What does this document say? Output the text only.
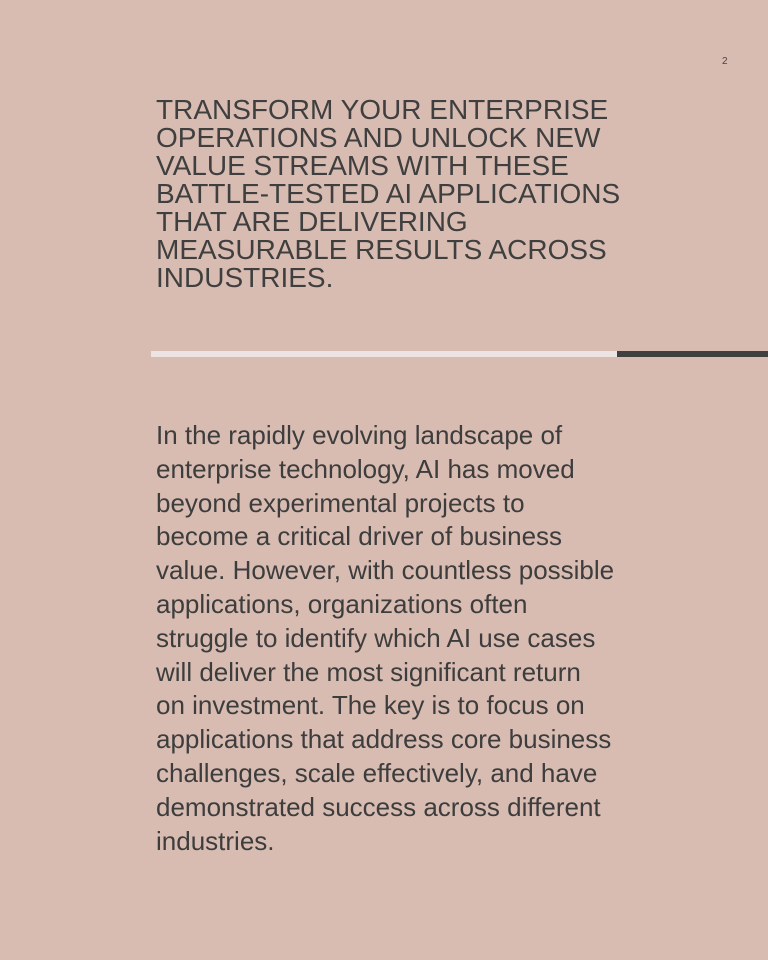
2
TRANSFORM YOUR ENTERPRISE OPERATIONS AND UNLOCK NEW VALUE STREAMS WITH THESE BATTLE-TESTED AI APPLICATIONS THAT ARE DELIVERING MEASURABLE RESULTS ACROSS INDUSTRIES.

In the rapidly evolving landscape of enterprise technology, AI has moved beyond experimental projects to become a critical driver of business value. However, with countless possible applications, organizations often struggle to identify which AI use cases will deliver the most significant return on investment. The key is to focus on applications that address core business challenges, scale effectively, and have demonstrated success across different industries.
